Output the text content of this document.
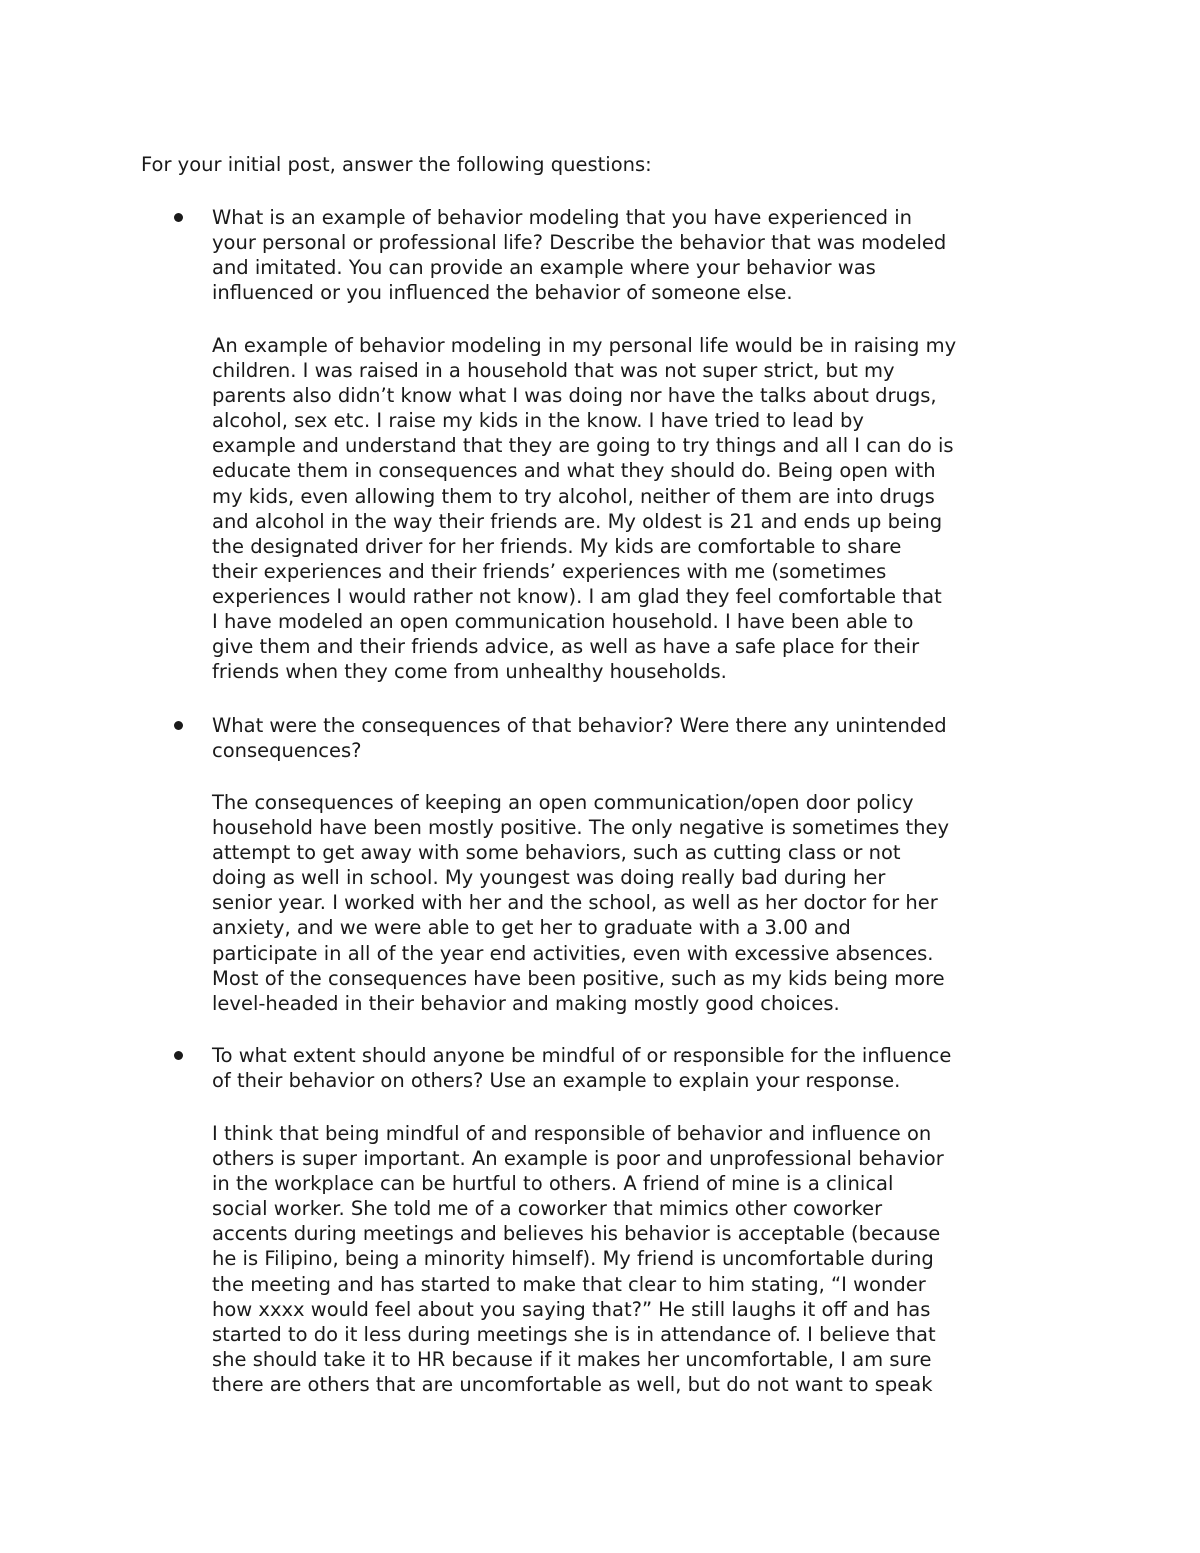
For your initial post, answer the following questions:

What is an example of behavior modeling that you have experienced in
your personal or professional life? Describe the behavior that was modeled
and imitated. You can provide an example where your behavior was
influenced or you influenced the behavior of someone else.
An example of behavior modeling in my personal life would be in raising my
children. I was raised in a household that was not super strict, but my
parents also didn’t know what I was doing nor have the talks about drugs,
alcohol, sex etc. I raise my kids in the know. I have tried to lead by
example and understand that they are going to try things and all I can do is
educate them in consequences and what they should do. Being open with
my kids, even allowing them to try alcohol, neither of them are into drugs
and alcohol in the way their friends are. My oldest is 21 and ends up being
the designated driver for her friends. My kids are comfortable to share
their experiences and their friends’ experiences with me (sometimes
experiences I would rather not know). I am glad they feel comfortable that
I have modeled an open communication household. I have been able to
give them and their friends advice, as well as have a safe place for their
friends when they come from unhealthy households.
What were the consequences of that behavior? Were there any unintended
consequences?
The consequences of keeping an open communication/open door policy
household have been mostly positive. The only negative is sometimes they
attempt to get away with some behaviors, such as cutting class or not
doing as well in school. My youngest was doing really bad during her
senior year. I worked with her and the school, as well as her doctor for her
anxiety, and we were able to get her to graduate with a 3.00 and
participate in all of the year end activities, even with excessive absences.
Most of the consequences have been positive, such as my kids being more
level-headed in their behavior and making mostly good choices.
To what extent should anyone be mindful of or responsible for the influence
of their behavior on others? Use an example to explain your response.
I think that being mindful of and responsible of behavior and influence on
others is super important. An example is poor and unprofessional behavior
in the workplace can be hurtful to others. A friend of mine is a clinical
social worker. She told me of a coworker that mimics other coworker
accents during meetings and believes his behavior is acceptable (because
he is Filipino, being a minority himself). My friend is uncomfortable during
the meeting and has started to make that clear to him stating, “I wonder
how xxxx would feel about you saying that?” He still laughs it off and has
started to do it less during meetings she is in attendance of. I believe that
she should take it to HR because if it makes her uncomfortable, I am sure
there are others that are uncomfortable as well, but do not want to speak
